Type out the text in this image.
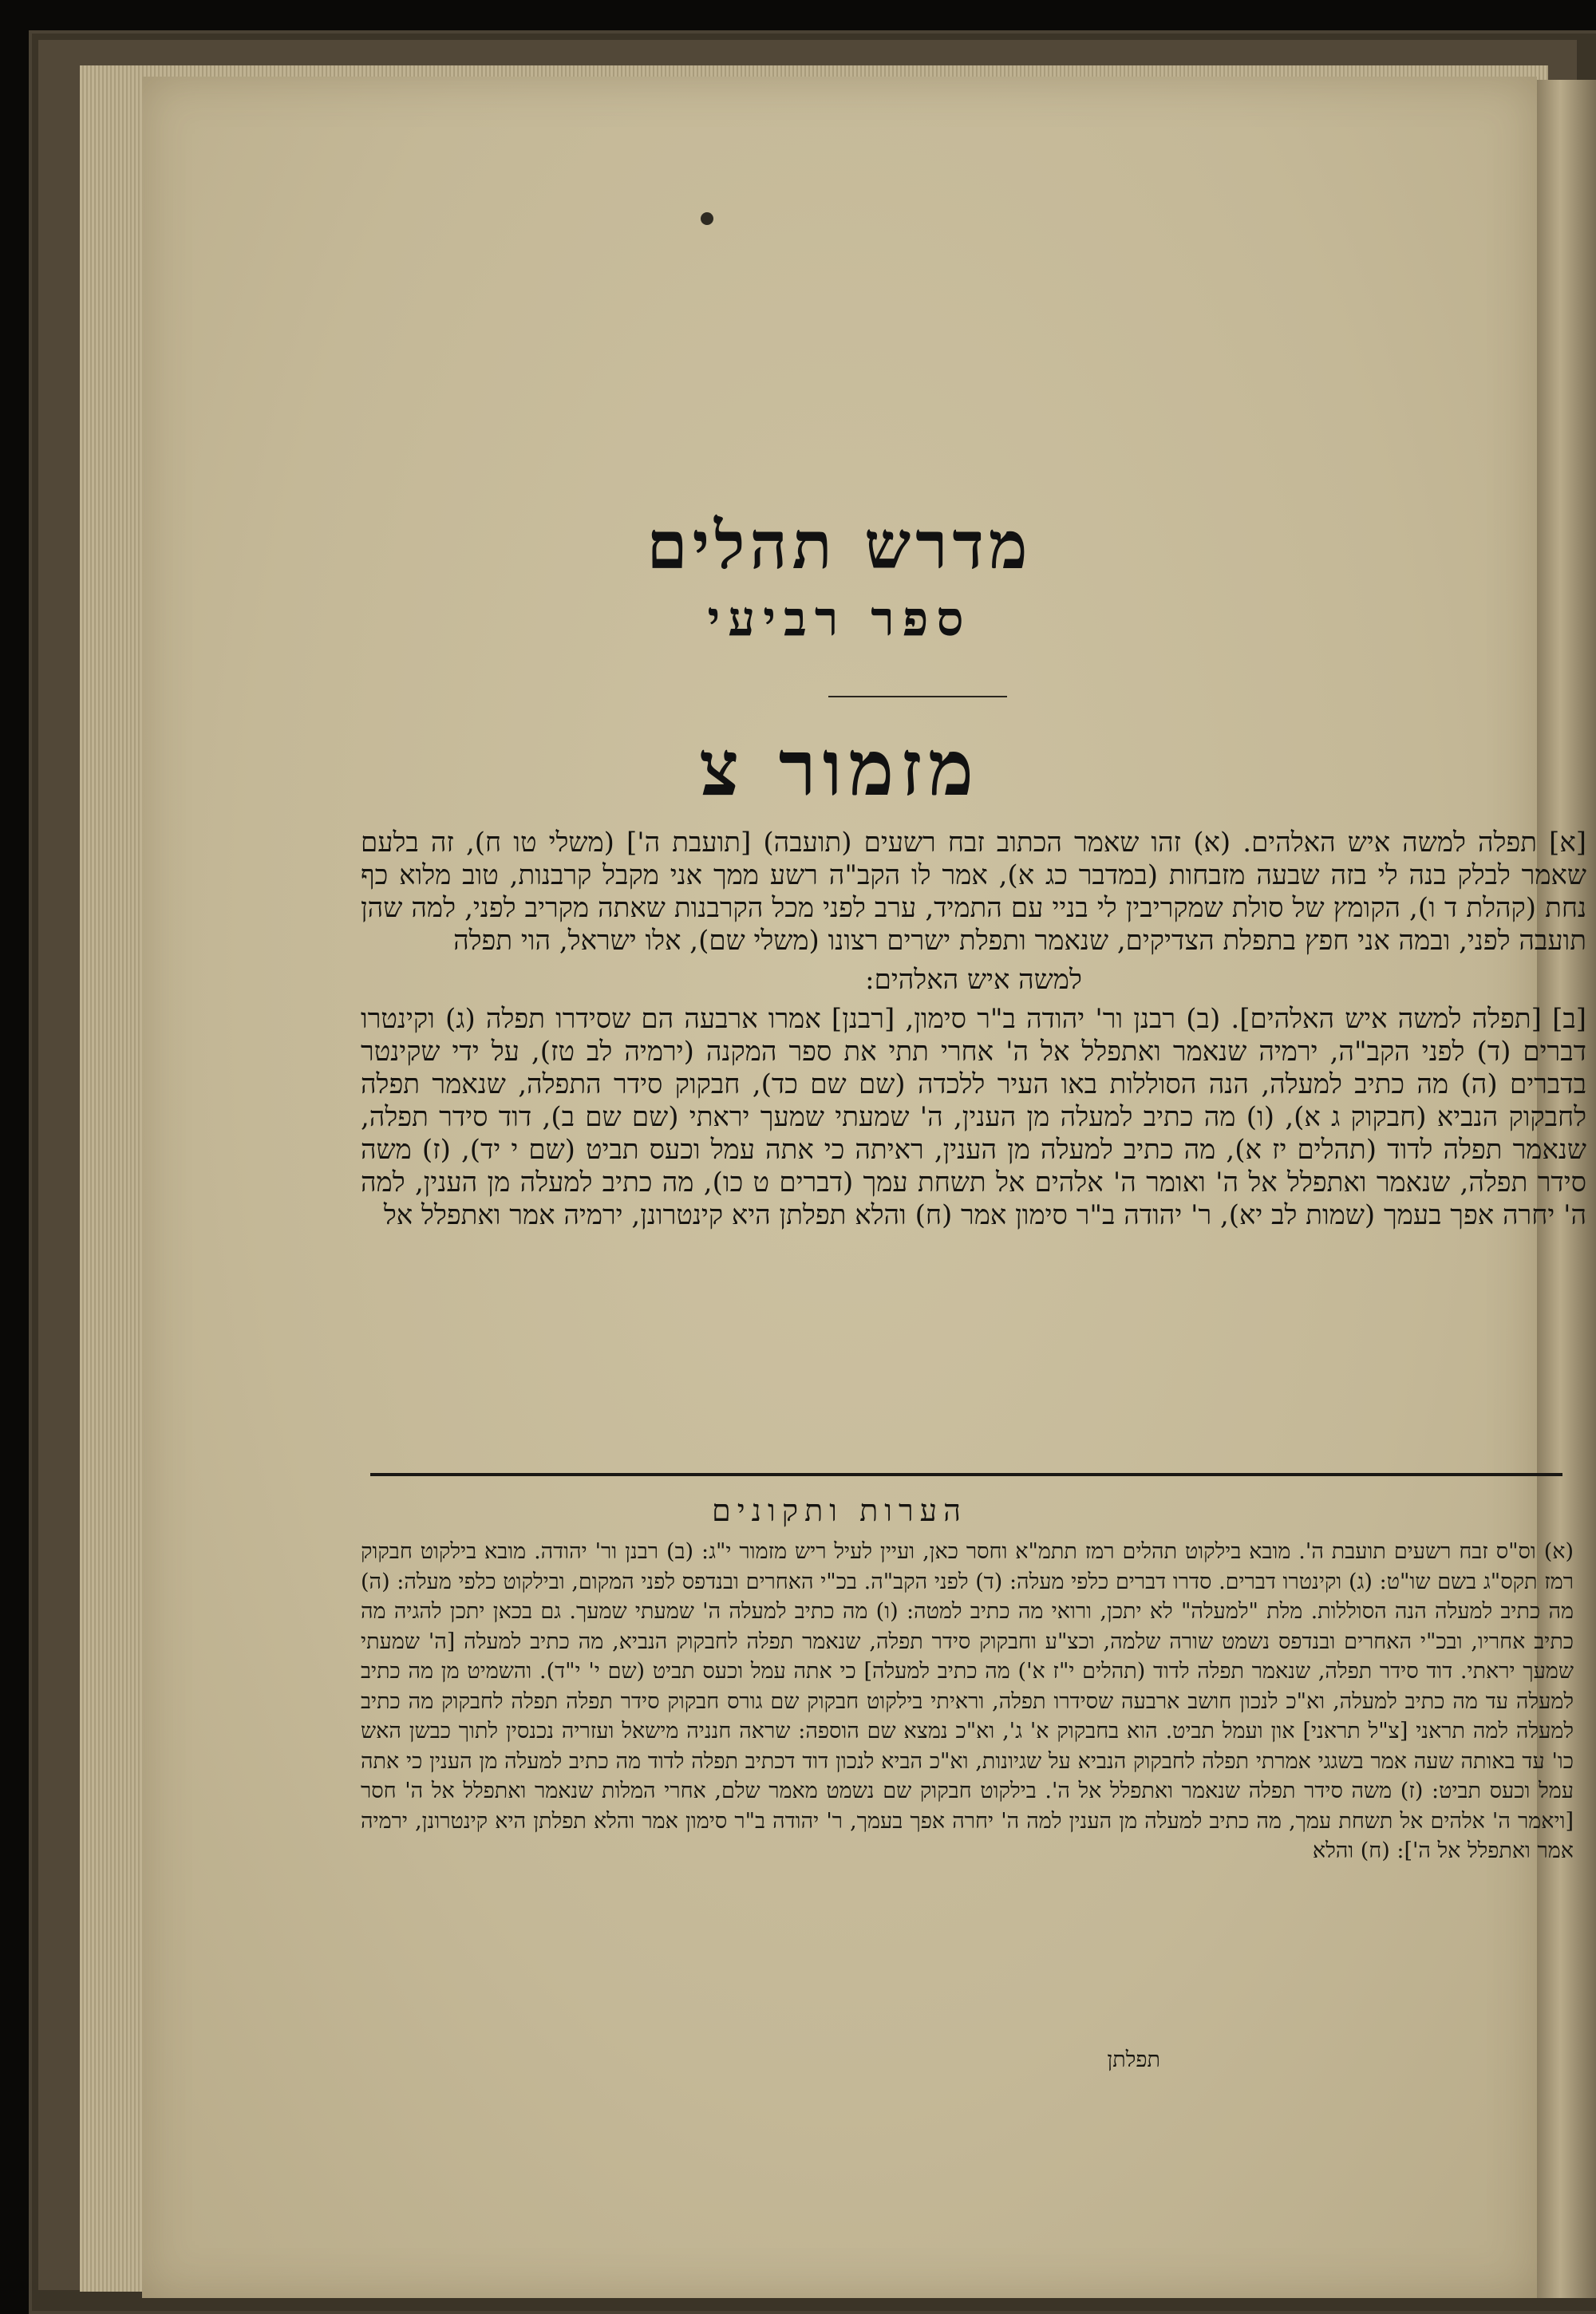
מדרש תהלים
ספר רביעי
מזמור צ

[א] תפלה למשה איש האלהים. (א) זהו שאמר הכתוב זבח רשעים (תועבה) [תועבת ה'] (משלי טו ח), זה בלעם שאמר לבלק בנה לי בזה שבעה מזבחות (במדבר כג א), אמר לו הקב"ה רשע ממך אני מקבל קרבנות, טוב מלוא כף נחת (קהלת ד ו), הקומץ של סולת שמקריבין לי בניי עם התמיד, ערב לפני מכל הקרבנות שאתה מקריב לפני, למה שהן תועבה לפני, ובמה אני חפץ בתפלת הצדיקים, שנאמר ותפלת ישרים רצונו (משלי שם), אלו ישראל, הוי תפלה

למשה איש האלהים:

[ב] [תפלה למשה איש האלהים]. (ב) רבנן ור' יהודה ב"ר סימון, [רבנן] אמרו ארבעה הם שסידרו תפלה (ג) וקינטרו דברים (ד) לפני הקב"ה, ירמיה שנאמר ואתפלל אל ה' אחרי תתי את ספר המקנה (ירמיה לב טז), על ידי שקינטר בדברים (ה) מה כתיב למעלה, הנה הסוללות באו העיר ללכדה (שם שם כד), חבקוק סידר התפלה, שנאמר תפלה לחבקוק הנביא (חבקוק ג א), (ו) מה כתיב למעלה מן הענין, ה' שמעתי שמעך יראתי (שם שם ב), דוד סידר תפלה, שנאמר תפלה לדוד (תהלים יז א), מה כתיב למעלה מן הענין, ראיתה כי אתה עמל וכעס תביט (שם י יד), (ז) משה סידר תפלה, שנאמר ואתפלל אל ה' ואומר ה' אלהים אל תשחת עמך (דברים ט כו), מה כתיב למעלה מן הענין, למה ה' יחרה אפך בעמך (שמות לב יא), ר' יהודה ב"ר סימון אמר (ח) והלא תפלתן היא קינטרונן, ירמיה אמר ואתפלל אל

הערות ותקונים
(א) וס"ס זבח רשעים תועבת ה'. מובא בילקוט תהלים רמז תתמ"א וחסר כאן, ועיין לעיל ריש מזמור י"ג: (ב) רבנן ור' יהודה. מובא בילקוט חבקוק רמז תקס"ג בשם שו"ט: (ג) וקינטרו דברים. סדרו דברים כלפי מעלה: (ד) לפני הקב"ה. בכ"י האחרים ובנדפס לפני המקום, ובילקוט כלפי מעלה: (ה) מה כתיב למעלה הנה הסוללות. מלת "למעלה" לא יתכן, ורואי מה כתיב למטה: (ו) מה כתיב למעלה ה' שמעתי שמעך. גם בכאן יתכן להגיה מה כתיב אחריו, ובכ"י האחרים ובנדפס נשמט שורה שלמה, וכצ"ע וחבקוק סידר תפלה, שנאמר תפלה לחבקוק הנביא, מה כתיב למעלה [ה' שמעתי שמעך יראתי. דוד סידר תפלה, שנאמר תפלה לדוד (תהלים י"ז א') מה כתיב למעלה] כי אתה עמל וכעס תביט (שם י' י"ד). והשמיט מן מה כתיב למעלה עד מה כתיב למעלה, וא"כ לנכון חושב ארבעה שסידרו תפלה, וראיתי בילקוט חבקוק שם גורס חבקוק סידר תפלה תפלה לחבקוק מה כתיב למעלה למה תראני [צ"ל תראני] און ועמל תביט. הוא בחבקוק א' ג', וא"כ נמצא שם הוספה: שראה חנניה מישאל ועזריה נכנסין לתוך כבשן האש כו' עד באותה שעה אמר בשגגי אמרתי תפלה לחבקוק הנביא על שגיונות, וא"כ הביא לנכון דוד דכתיב תפלה לדוד מה כתיב למעלה מן הענין כי אתה עמל וכעס תביט: (ז) משה סידר תפלה שנאמר ואתפלל אל ה'. בילקוט חבקוק שם נשמט מאמר שלם, אחרי המלות שנאמר ואתפלל אל ה' חסר [ויאמר ה' אלהים אל תשחת עמך, מה כתיב למעלה מן הענין למה ה' יחרה אפך בעמך, ר' יהודה ב"ר סימון אמר והלא תפלתן היא קינטרונן, ירמיה אמר ואתפלל אל ה']: (ח) והלא
תפלתן
